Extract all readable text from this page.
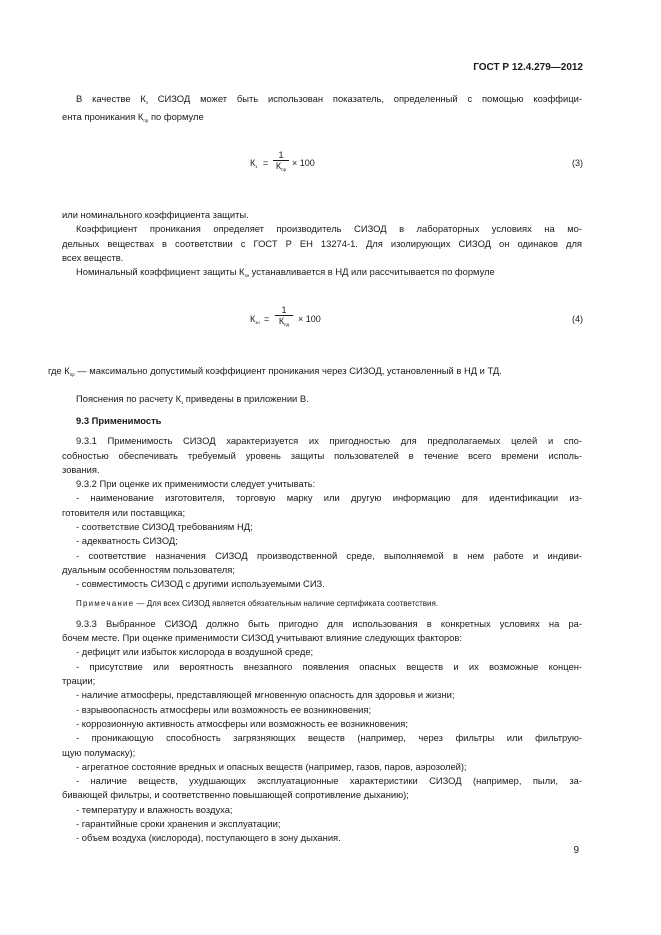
ГОСТ Р 12.4.279—2012
В качестве $К_з$ СИЗОД может быть использован показатель, определенный с помощью коэффици-
ента проникания $К_{пр}$ по формуле
$К_з$ =
1
$К_{пр}$
× 100	(3)
или номинального коэффициента защиты.
Коэффициент проникания определяет производитель СИЗОД в лабораторных условиях на мо-
дельных веществах в соответствии с ГОСТ Р ЕН 13274-1. Для изолирующих СИЗОД он одинаков для
всех веществ.
Номинальный коэффициент защиты $К_{зн}$ устанавливается в НД или рассчитывается по формуле
$К_{зн}$ =
1
$К_{пд}$
× 100	(4)
где $К_{пр}$ — максимально допустимый коэффициент проникания через СИЗОД, установленный в НД и ТД.
Пояснения по расчету $К_з$ приведены в приложении В.
9.3 Применимость
9.3.1 Применимость СИЗОД характеризуется их пригодностью для предполагаемых целей и спо-
собностью обеспечивать требуемый уровень защиты пользователей в течение всего времени исполь-
зования.
9.3.2 При оценке их применимости следует учитывать:
- наименование изготовителя, торговую марку или другую информацию для идентификации из-
готовителя или поставщика;
- соответствие СИЗОД требованиям НД;
- адекватность СИЗОД;
- соответствие назначения СИЗОД производственной среде, выполняемой в нем работе и индиви-
дуальным особенностям пользователя;
- совместимость СИЗОД с другими используемыми СИЗ.
Примечание — Для всех СИЗОД является обязательным наличие сертификата соответствия.
9.3.3 Выбранное СИЗОД должно быть пригодно для использования в конкретных условиях на ра-
бочем месте. При оценке применимости СИЗОД учитывают влияние следующих факторов:
- дефицит или избыток кислорода в воздушной среде;
- присутствие или вероятность внезапного появления опасных веществ и их возможные концен-
трации;
- наличие атмосферы, представляющей мгновенную опасность для здоровья и жизни;
- взрывоопасность атмосферы или возможность ее возникновения;
- коррозионную активность атмосферы или возможность ее возникновения;
- проникающую способность загрязняющих веществ (например, через фильтры или фильтрую-
щую полумаску);
- агрегатное состояние вредных и опасных веществ (например, газов, паров, аэрозолей);
- наличие веществ, ухудшающих эксплуатационные характеристики СИЗОД (например, пыли, за-
бивающей фильтры, и соответственно повышающей сопротивление дыханию);
- температуру и влажность воздуха;
- гарантийные сроки хранения и эксплуатации;
- объем воздуха (кислорода), поступающего в зону дыхания.
9
